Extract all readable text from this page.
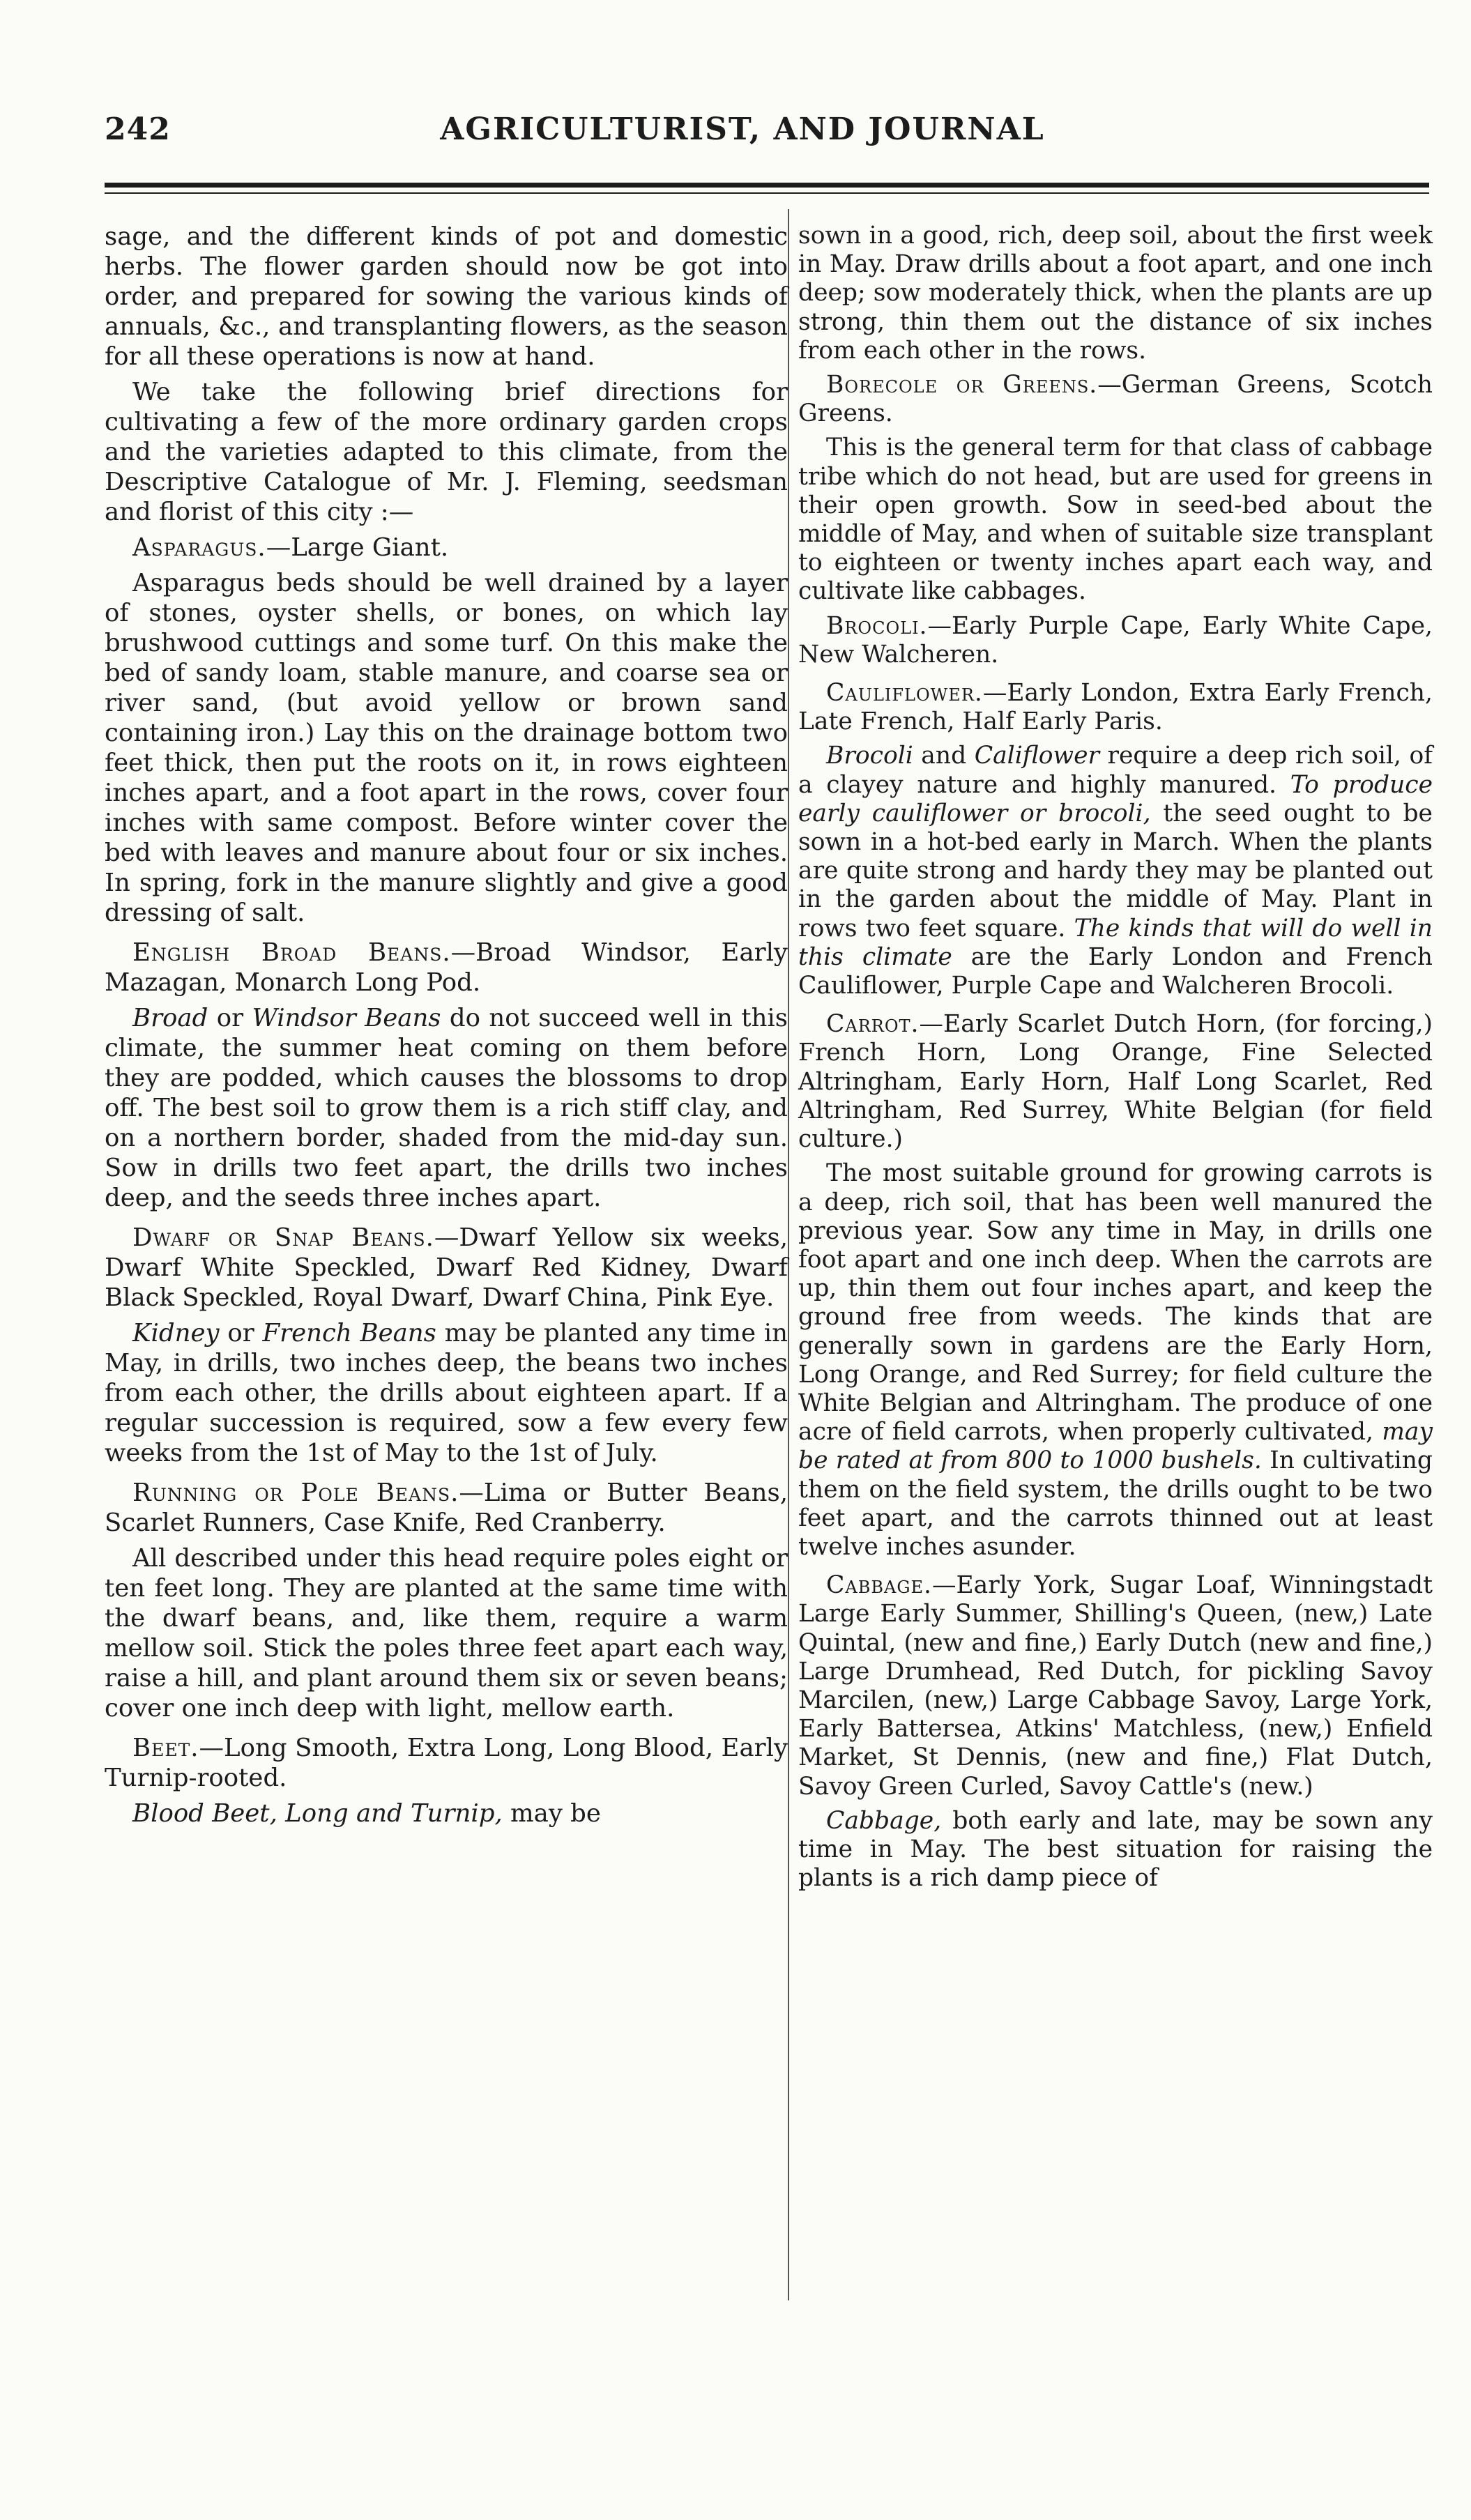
242	AGRICULTURIST, AND JOURNAL

sage, and the different kinds of pot and domestic herbs. The flower garden should now be got into order, and prepared for sowing the various kinds of annuals, &c., and transplanting flowers, as the season for all these operations is now at hand.

We take the following brief directions for cultivating a few of the more ordinary garden crops and the varieties adapted to this climate, from the Descriptive Catalogue of Mr. J. Fleming, seedsman and florist of this city :—

Asparagus.—Large Giant.

Asparagus beds should be well drained by a layer of stones, oyster shells, or bones, on which lay brushwood cuttings and some turf. On this make the bed of sandy loam, stable manure, and coarse sea or river sand, (but avoid yellow or brown sand containing iron.) Lay this on the drainage bottom two feet thick, then put the roots on it, in rows eighteen inches apart, and a foot apart in the rows, cover four inches with same compost. Before winter cover the bed with leaves and manure about four or six inches. In spring, fork in the manure slightly and give a good dressing of salt.

English Broad Beans.—Broad Windsor, Early Mazagan, Monarch Long Pod.

Broad or Windsor Beans do not succeed well in this climate, the summer heat coming on them before they are podded, which causes the blossoms to drop off. The best soil to grow them is a rich stiff clay, and on a northern border, shaded from the mid-day sun. Sow in drills two feet apart, the drills two inches deep, and the seeds three inches apart.

Dwarf or Snap Beans.—Dwarf Yellow six weeks, Dwarf White Speckled, Dwarf Red Kidney, Dwarf Black Speckled, Royal Dwarf, Dwarf China, Pink Eye.

Kidney or French Beans may be planted any time in May, in drills, two inches deep, the beans two inches from each other, the drills about eighteen apart. If a regular succession is required, sow a few every few weeks from the 1st of May to the 1st of July.

Running or Pole Beans.—Lima or Butter Beans, Scarlet Runners, Case Knife, Red Cranberry.

All described under this head require poles eight or ten feet long. They are planted at the same time with the dwarf beans, and, like them, require a warm mellow soil. Stick the poles three feet apart each way, raise a hill, and plant around them six or seven beans; cover one inch deep with light, mellow earth.

Beet.—Long Smooth, Extra Long, Long Blood, Early Turnip-rooted.

Blood Beet, Long and Turnip, may be

sown in a good, rich, deep soil, about the first week in May. Draw drills about a foot apart, and one inch deep; sow moderately thick, when the plants are up strong, thin them out the distance of six inches from each other in the rows.

Borecole or Greens.—German Greens, Scotch Greens.

This is the general term for that class of cabbage tribe which do not head, but are used for greens in their open growth. Sow in seed-bed about the middle of May, and when of suitable size transplant to eighteen or twenty inches apart each way, and cultivate like cabbages.

Brocoli.—Early Purple Cape, Early White Cape, New Walcheren.

Cauliflower.—Early London, Extra Early French, Late French, Half Early Paris.

Brocoli and Califlower require a deep rich soil, of a clayey nature and highly manured. To produce early cauliflower or brocoli, the seed ought to be sown in a hot-bed early in March. When the plants are quite strong and hardy they may be planted out in the garden about the middle of May. Plant in rows two feet square. The kinds that will do well in this climate are the Early London and French Cauliflower, Purple Cape and Walcheren Brocoli.

Carrot.—Early Scarlet Dutch Horn, (for forcing,) French Horn, Long Orange, Fine Selected Altringham, Early Horn, Half Long Scarlet, Red Altringham, Red Surrey, White Belgian (for field culture.)

The most suitable ground for growing carrots is a deep, rich soil, that has been well manured the previous year. Sow any time in May, in drills one foot apart and one inch deep. When the carrots are up, thin them out four inches apart, and keep the ground free from weeds. The kinds that are generally sown in gardens are the Early Horn, Long Orange, and Red Surrey; for field culture the White Belgian and Altringham. The produce of one acre of field carrots, when properly cultivated, may be rated at from 800 to 1000 bushels. In cultivating them on the field system, the drills ought to be two feet apart, and the carrots thinned out at least twelve inches asunder.

Cabbage.—Early York, Sugar Loaf, Winningstadt Large Early Summer, Shilling's Queen, (new,) Late Quintal, (new and fine,) Early Dutch (new and fine,) Large Drumhead, Red Dutch, for pickling Savoy Marcilen, (new,) Large Cabbage Savoy, Large York, Early Battersea, Atkins' Matchless, (new,) Enfield Market, St Dennis, (new and fine,) Flat Dutch, Savoy Green Curled, Savoy Cattle's (new.)

Cabbage, both early and late, may be sown any time in May. The best situation for raising the plants is a rich damp piece of
